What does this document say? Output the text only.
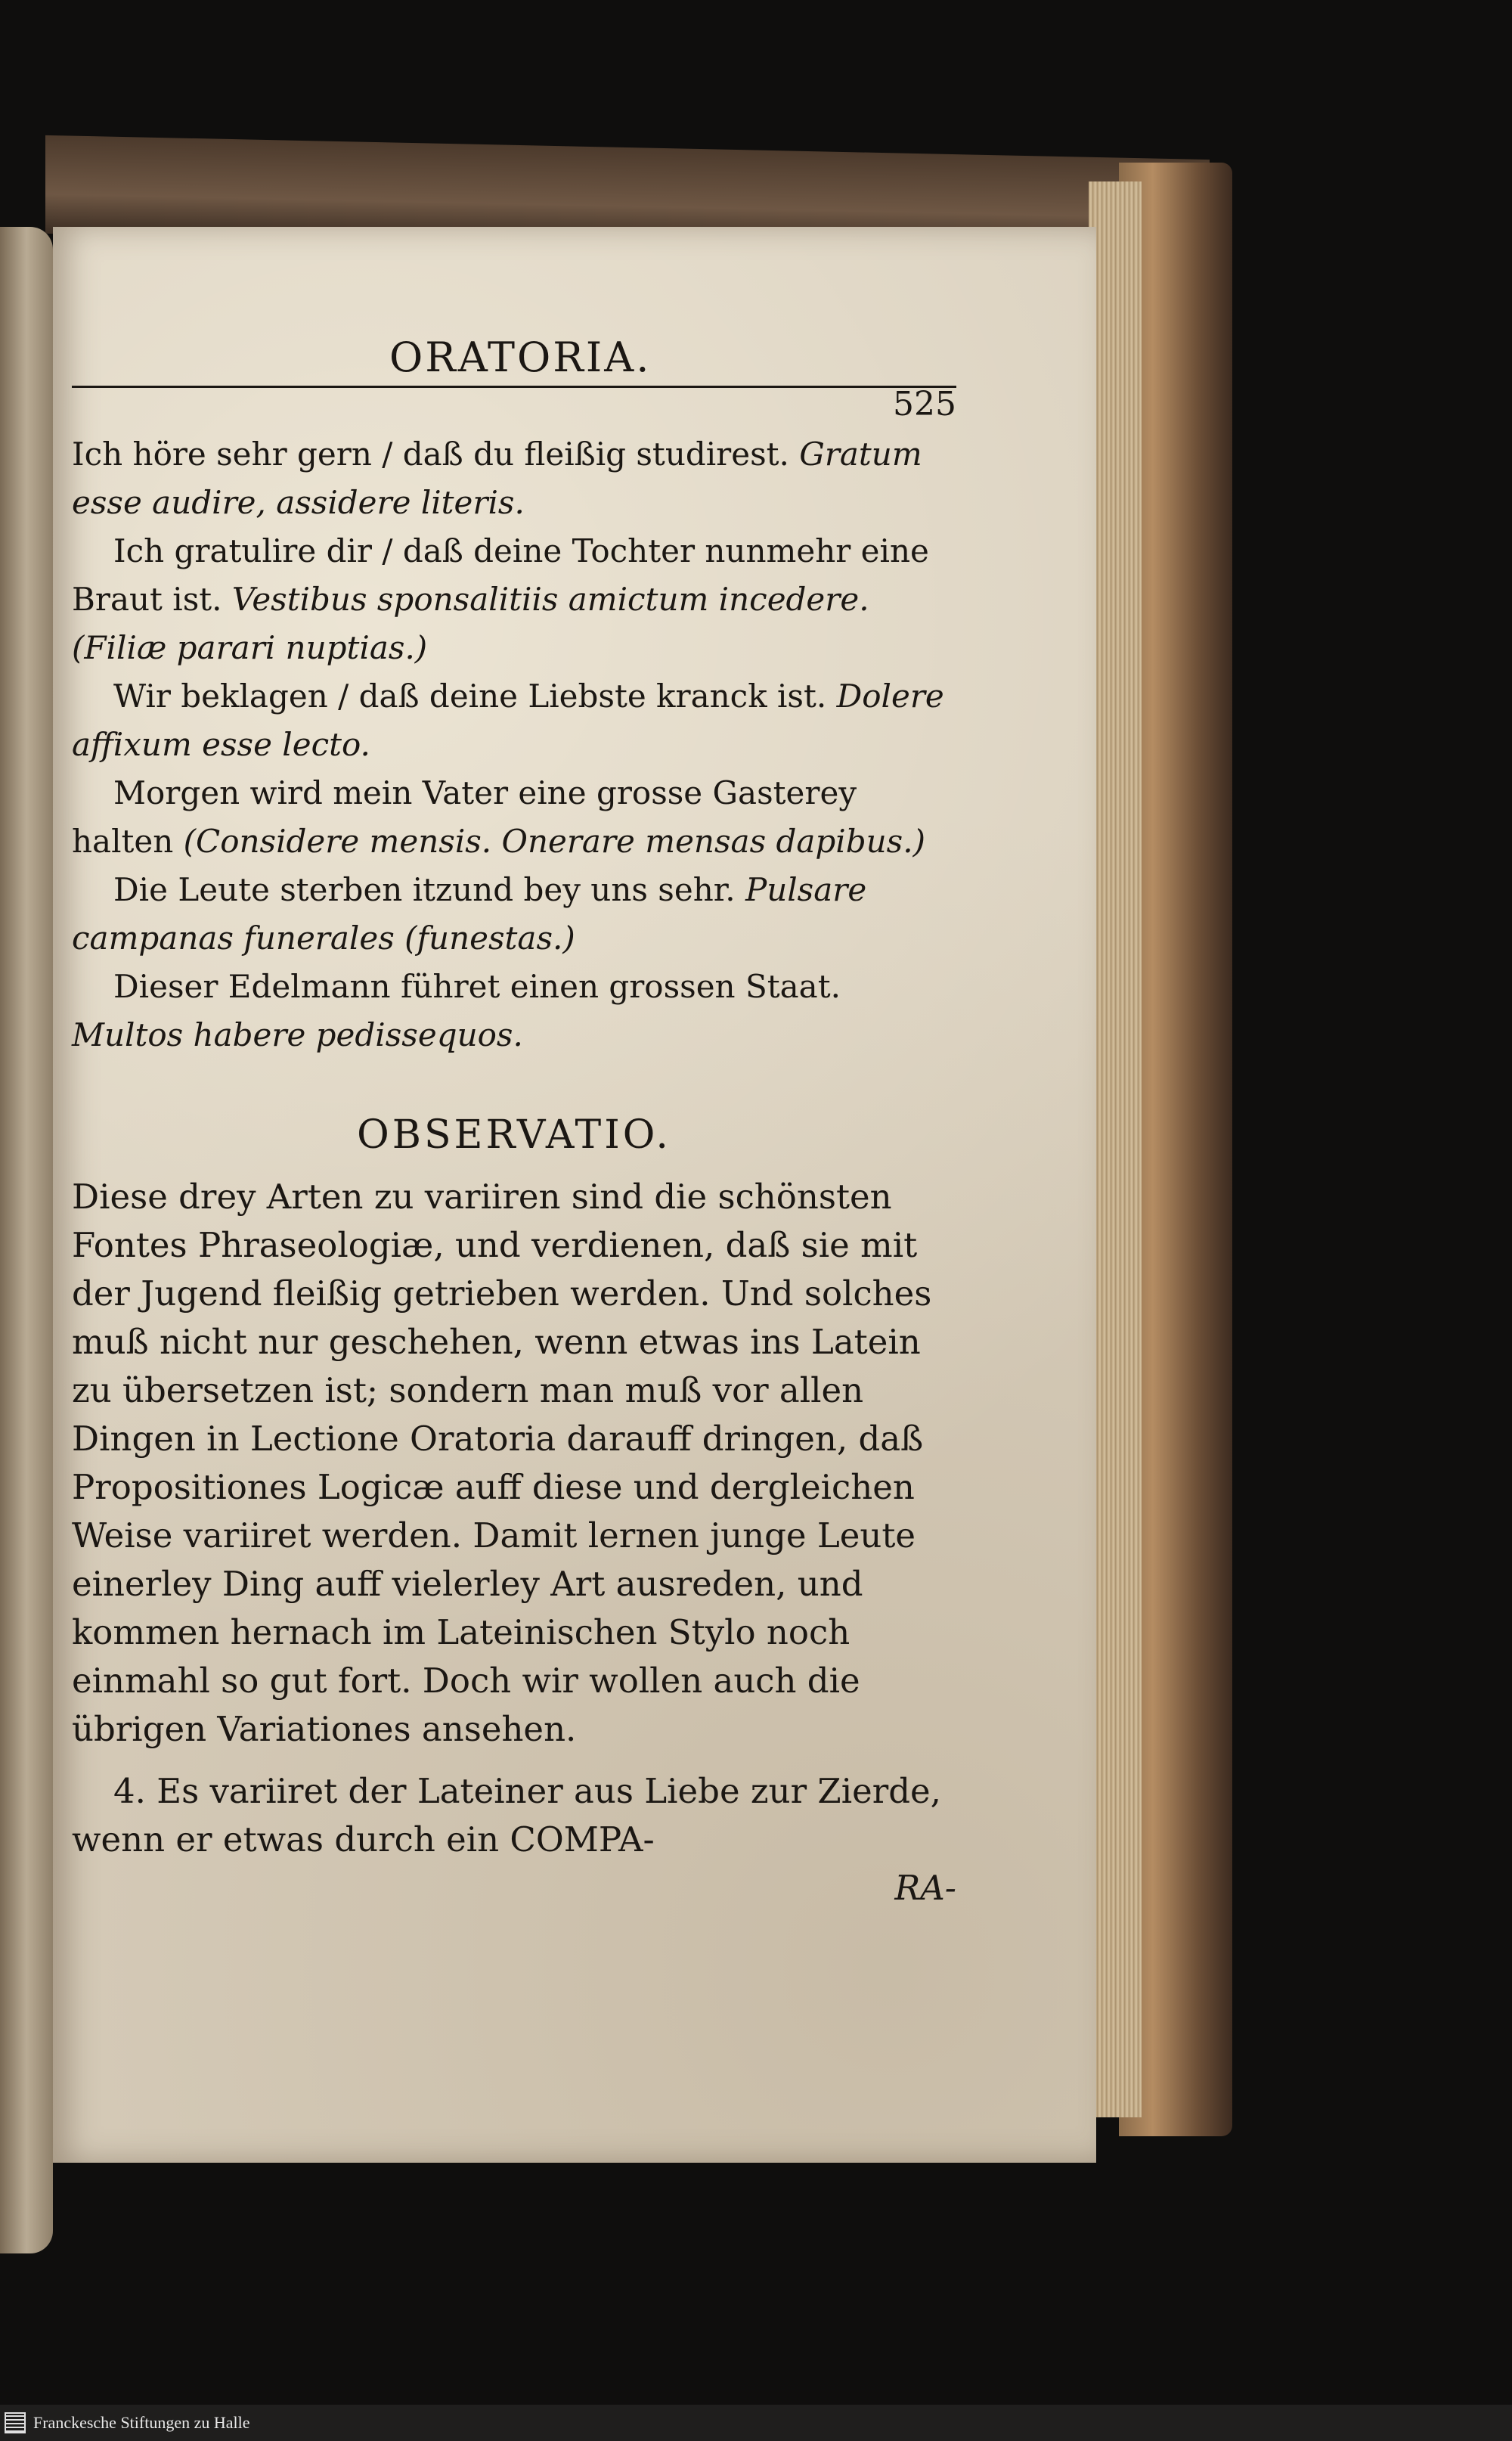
ORATORIA.
525

Ich höre sehr gern / daß du fleißig studirest. Gratum esse audire, assidere literis.

Ich gratulire dir / daß deine Tochter nunmehr eine Braut ist. Vestibus sponsalitiis amictum incedere. (Filiæ parari nuptias.)

Wir beklagen / daß deine Liebste kranck ist. Dolere affixum esse lecto.

Morgen wird mein Vater eine grosse Gasterey halten (Considere mensis. Onerare mensas dapibus.)

Die Leute sterben itzund bey uns sehr. Pulsare campanas funerales (funestas.)

Dieser Edelmann führet einen grossen Staat. Multos habere pedissequos.

OBSERVATIO.

Diese drey Arten zu variiren sind die schönsten Fontes Phraseologiæ, und verdienen, daß sie mit der Jugend fleißig getrieben werden. Und solches muß nicht nur geschehen, wenn etwas ins Latein zu übersetzen ist; sondern man muß vor allen Dingen in Lectione Oratoria darauff dringen, daß Propositiones Logicæ auff diese und dergleichen Weise variiret werden. Damit lernen junge Leute einerley Ding auff vielerley Art ausreden, und kommen hernach im Lateinischen Stylo noch einmahl so gut fort. Doch wir wollen auch die übrigen Variationes ansehen.

4. Es variiret der Lateiner aus Liebe zur Zierde, wenn er etwas durch ein COMPA-

RA-

Franckesche Stiftungen zu Halle
